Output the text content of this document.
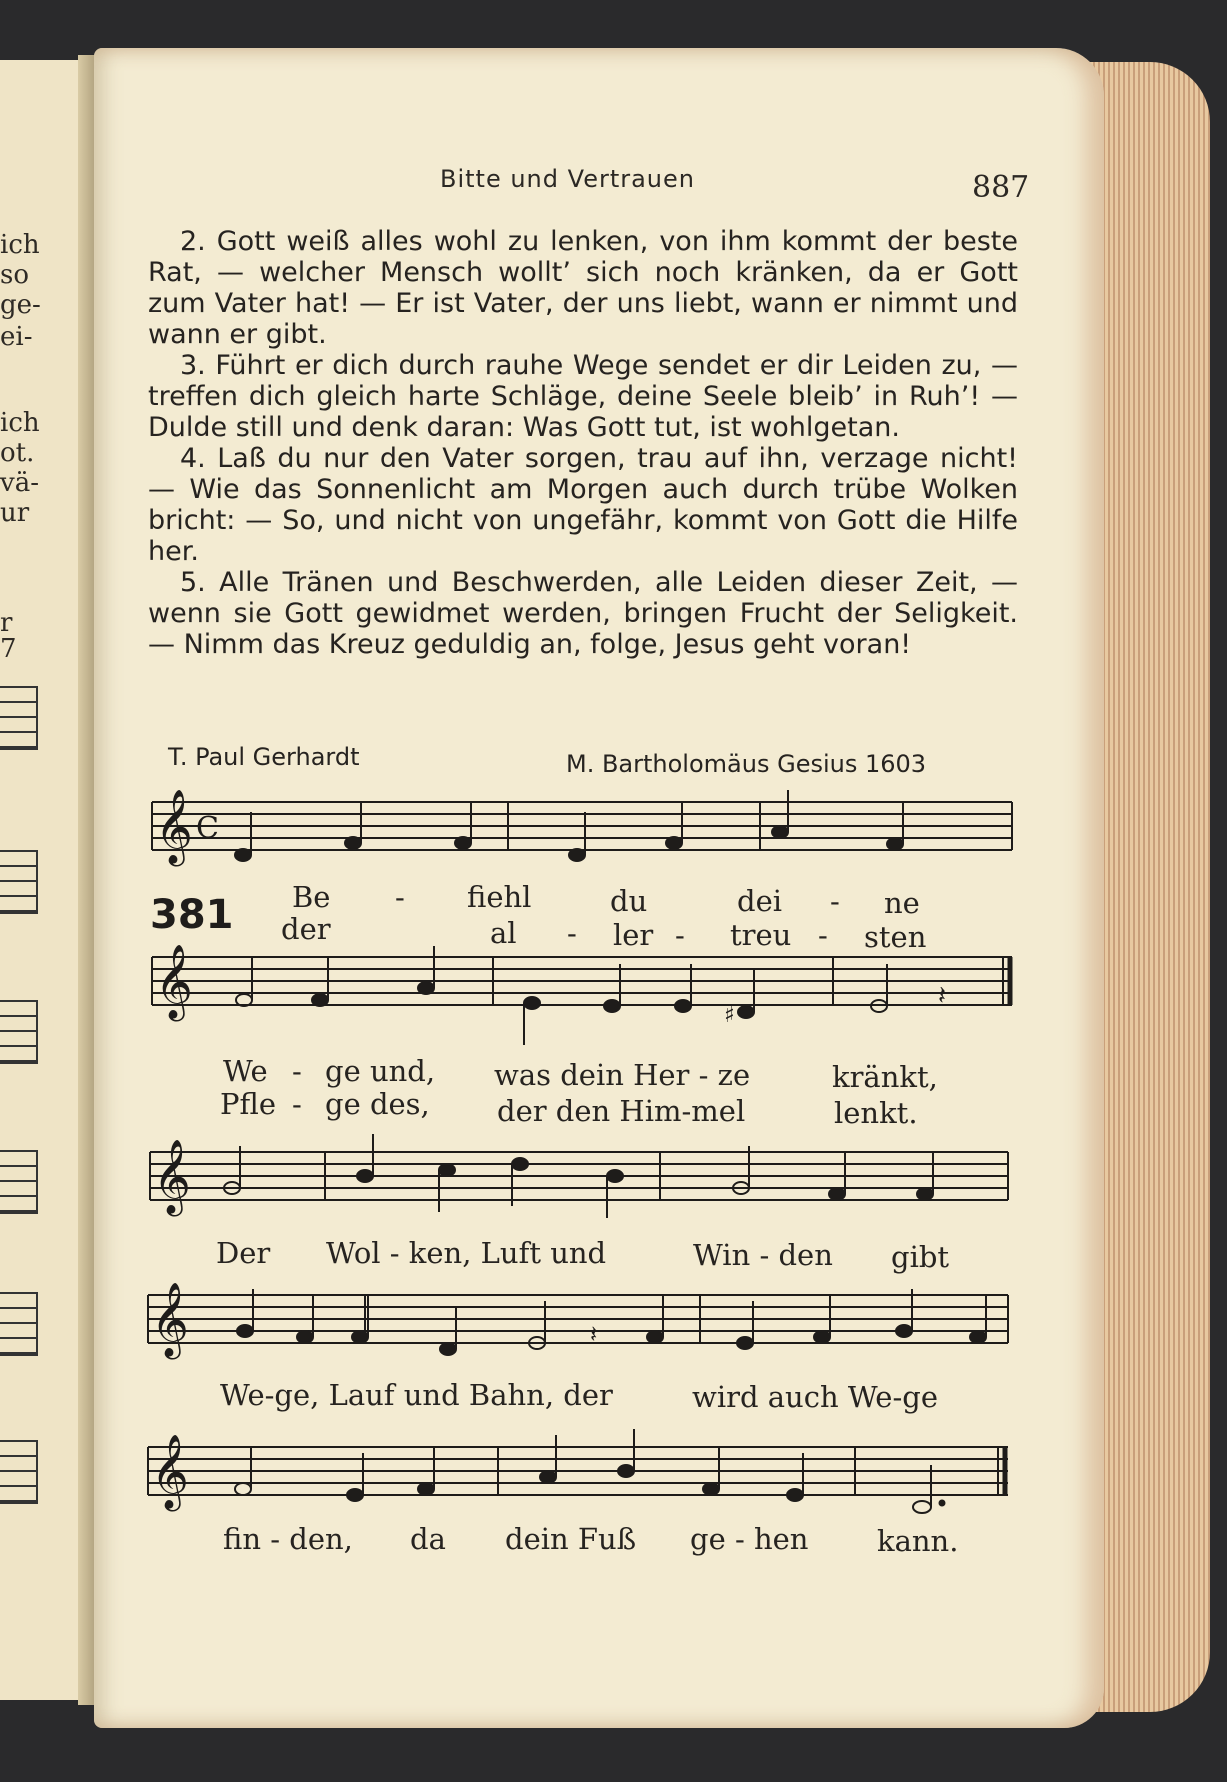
ich
so
ge-
ei-
ich
ot.
vä-
ur
r
7
Bitte und Vertrauen	887

2. Gott weiß alles wohl zu lenken, von ihm kommt der beste Rat, — welcher Mensch wollt’ sich noch kränken, da er Gott zum Vater hat! — Er ist Vater, der uns liebt, wann er nimmt und wann er gibt.

3. Führt er dich durch rauhe Wege sendet er dir Leiden zu, — treffen dich gleich harte Schläge, deine Seele bleib’ in Ruh’! — Dulde still und denk daran: Was Gott tut, ist wohlgetan.

4. Laß du nur den Vater sorgen, trau auf ihn, verzage nicht! — Wie das Sonnenlicht am Morgen auch durch trübe Wolken bricht: — So, und nicht von ungefähr, kommt von Gott die Hilfe her.

5. Alle Tränen und Beschwerden, alle Leiden dieser Zeit, — wenn sie Gott gewidmet werden, bringen Frucht der Seligkeit. — Nimm das Kreuz geduldig an, folge, Jesus geht voran!

T. Paul Gerhardt	M. Bartholomäus Gesius 1603
381
𝄞
𝄞
𝄞
𝄞
𝄞
C
♯
𝄽
𝄽
Be - fiehl	du	dei - ne
der	al - ler - treu - sten
We - ge und, was dein Her - ze	kränkt,
Pfle - ge des, der den Him-mel	lenkt.
Der Wol - ken, Luft und	Win - den gibt
We-ge, Lauf und Bahn, der	wird auch We-ge
fin - den, da dein Fuß ge - hen kann.
